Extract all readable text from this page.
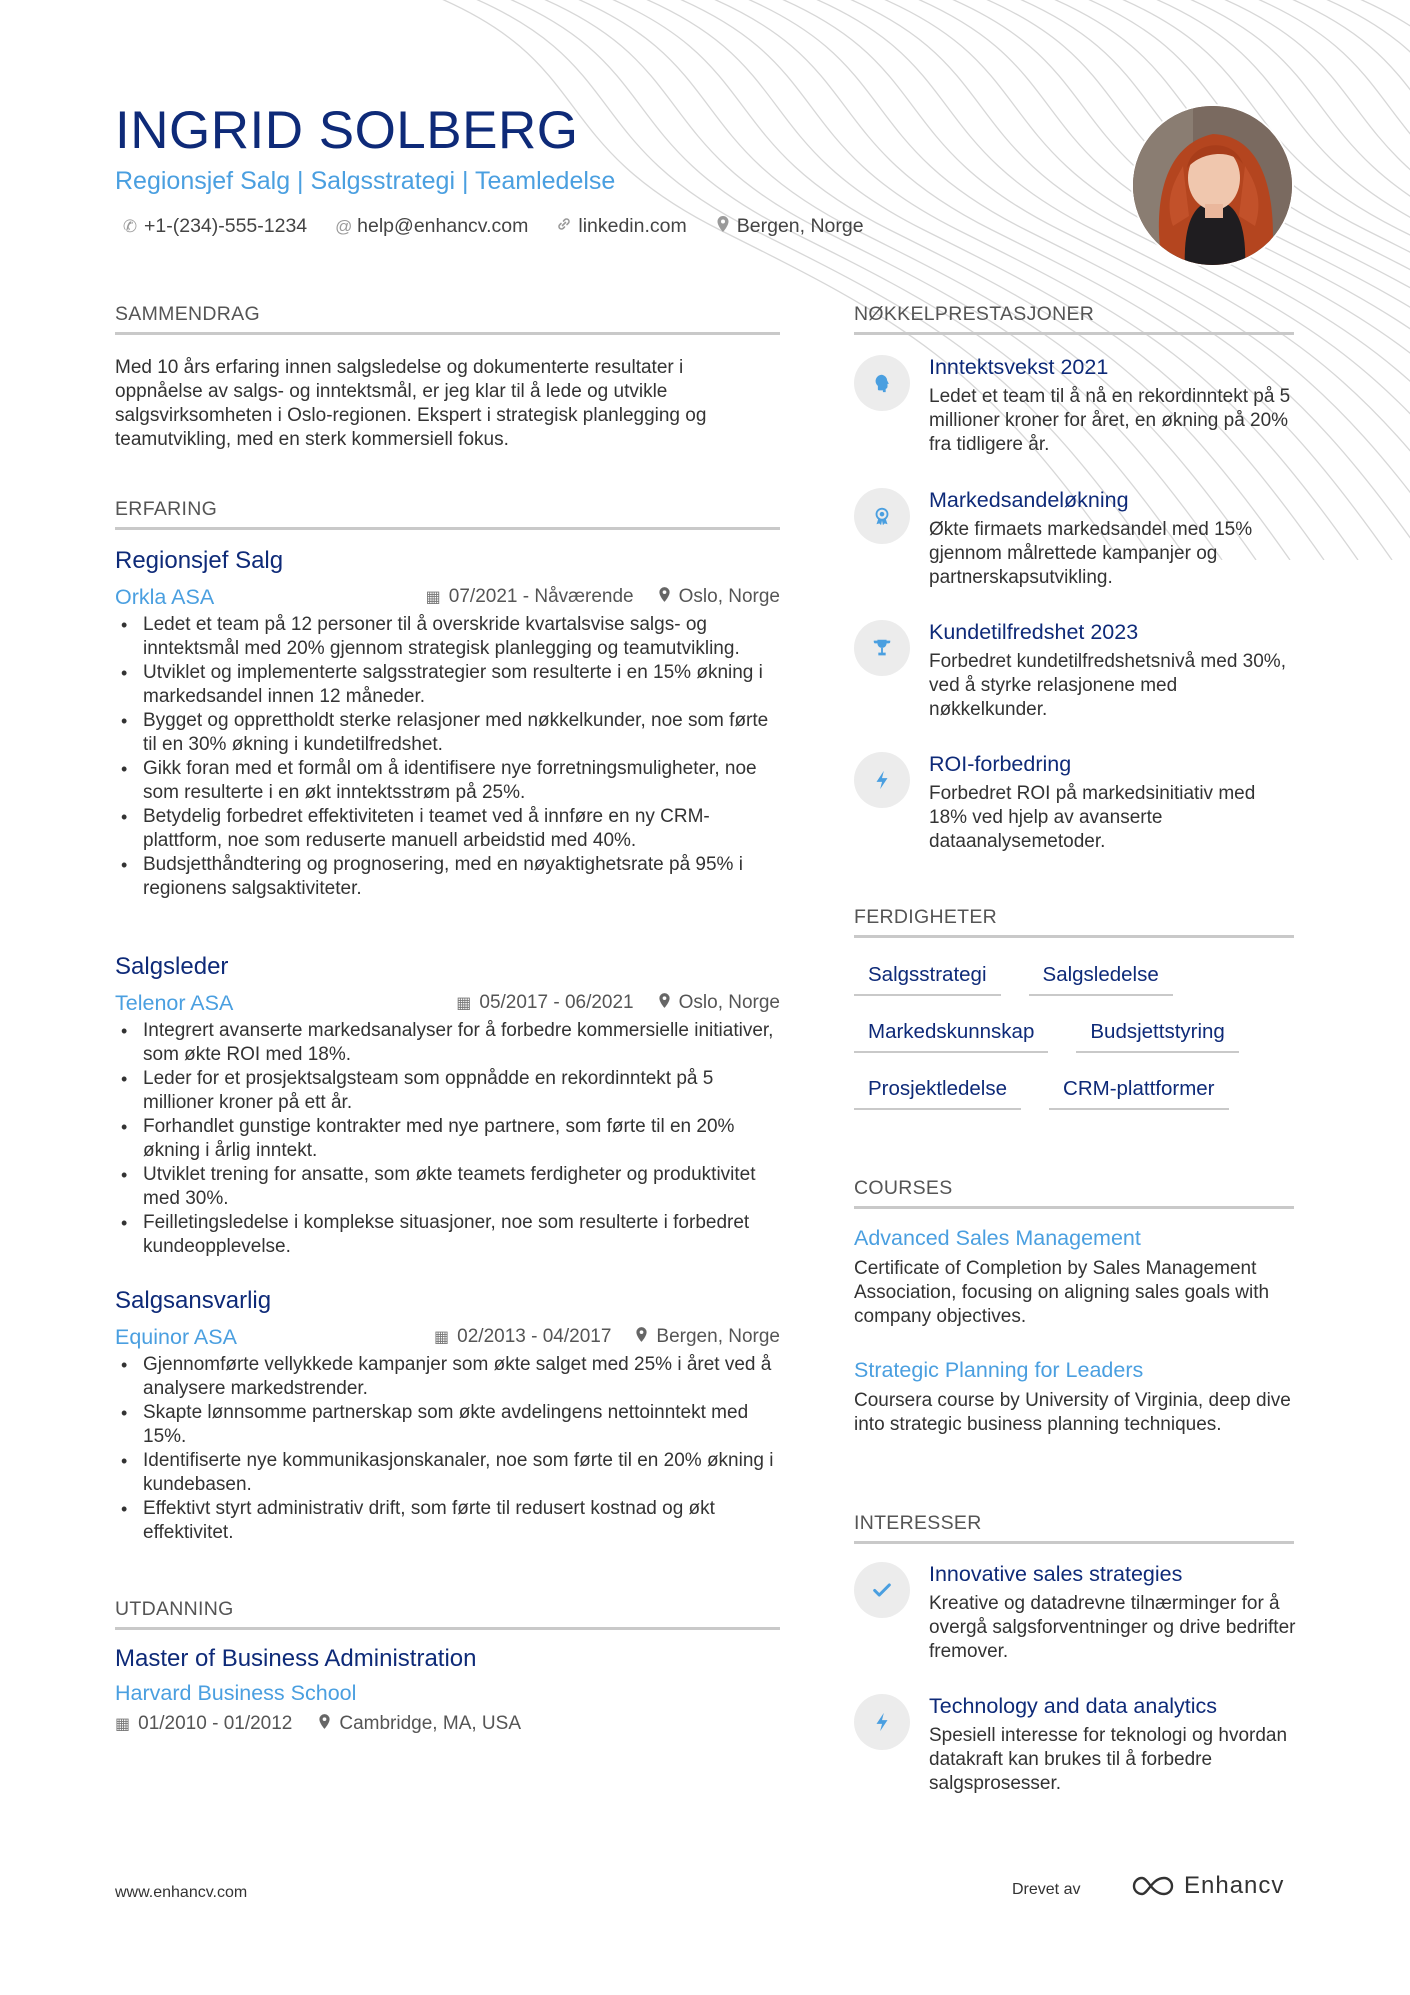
INGRID SOLBERG
Regionsjef Salg | Salgsstrategi | Teamledelse
✆ +1-(234)-555-1234 @ help@enhancv.com	linkedin.com	Bergen, Norge
SAMMENDRAG
Med 10 års erfaring innen salgsledelse og dokumenterte resultater i oppnåelse av salgs- og inntektsmål, er jeg klar til å lede og utvikle salgsvirksomheten i Oslo-regionen. Ekspert i strategisk planlegging og teamutvikling, med en sterk kommersiell fokus.
ERFARING
Regionsjef Salg
Orkla ASA	▦ 07/2021 - Nåværende Oslo, Norge
• Ledet et team på 12 personer til å overskride kvartalsvise salgs- og inntektsmål med 20% gjennom strategisk planlegging og teamutvikling.
• Utviklet og implementerte salgsstrategier som resulterte i en 15% økning i markedsandel innen 12 måneder.
• Bygget og opprettholdt sterke relasjoner med nøkkelkunder, noe som førte til en 30% økning i kundetilfredshet.
• Gikk foran med et formål om å identifisere nye forretningsmuligheter, noe som resulterte i en økt inntektsstrøm på 25%.
• Betydelig forbedret effektiviteten i teamet ved å innføre en ny CRM-plattform, noe som reduserte manuell arbeidstid med 40%.
• Budsjetthåndtering og prognosering, med en nøyaktighetsrate på 95% i regionens salgsaktiviteter.
Salgsleder
Telenor ASA	▦ 05/2017 - 06/2021 Oslo, Norge
• Integrert avanserte markedsanalyser for å forbedre kommersielle initiativer, som økte ROI med 18%.
• Leder for et prosjektsalgsteam som oppnådde en rekordinntekt på 5 millioner kroner på ett år.
• Forhandlet gunstige kontrakter med nye partnere, som førte til en 20% økning i årlig inntekt.
• Utviklet trening for ansatte, som økte teamets ferdigheter og produktivitet med 30%.
• Feilletingsledelse i komplekse situasjoner, noe som resulterte i forbedret kundeopplevelse.
Salgsansvarlig
Equinor ASA	▦ 02/2013 - 04/2017 Bergen, Norge
• Gjennomførte vellykkede kampanjer som økte salget med 25% i året ved å analysere markedstrender.
• Skapte lønnsomme partnerskap som økte avdelingens nettoinntekt med 15%.
• Identifiserte nye kommunikasjonskanaler, noe som førte til en 20% økning i kundebasen.
• Effektivt styrt administrativ drift, som førte til redusert kostnad og økt effektivitet.
UTDANNING
Master of Business Administration
Harvard Business School
▦ 01/2010 - 01/2012 Cambridge, MA, USA
NØKKELPRESTASJONER
Inntektsvekst 2021
Ledet et team til å nå en rekordinntekt på 5 millioner kroner for året, en økning på 20% fra tidligere år.
Markedsandeløkning
Økte firmaets markedsandel med 15% gjennom målrettede kampanjer og partnerskapsutvikling.
Kundetilfredshet 2023
Forbedret kundetilfredshetsnivå med 30%, ved å styrke relasjonene med nøkkelkunder.
ROI-forbedring
Forbedret ROI på markedsinitiativ med 18% ved hjelp av avanserte dataanalysemetoder.
FERDIGHETER
Salgsstrategi	Salgsledelse
Markedskunnskap	Budsjettstyring
Prosjektledelse	CRM-plattformer
COURSES
Advanced Sales Management
Certificate of Completion by Sales Management Association, focusing on aligning sales goals with company objectives.
Strategic Planning for Leaders
Coursera course by University of Virginia, deep dive into strategic business planning techniques.
INTERESSER
Innovative sales strategies
Kreative og datadrevne tilnærminger for å overgå salgsforventninger og drive bedrifter fremover.
Technology and data analytics
Spesiell interesse for teknologi og hvordan datakraft kan brukes til å forbedre salgsprosesser.
www.enhancv.com	Drevet av	Enhancv
